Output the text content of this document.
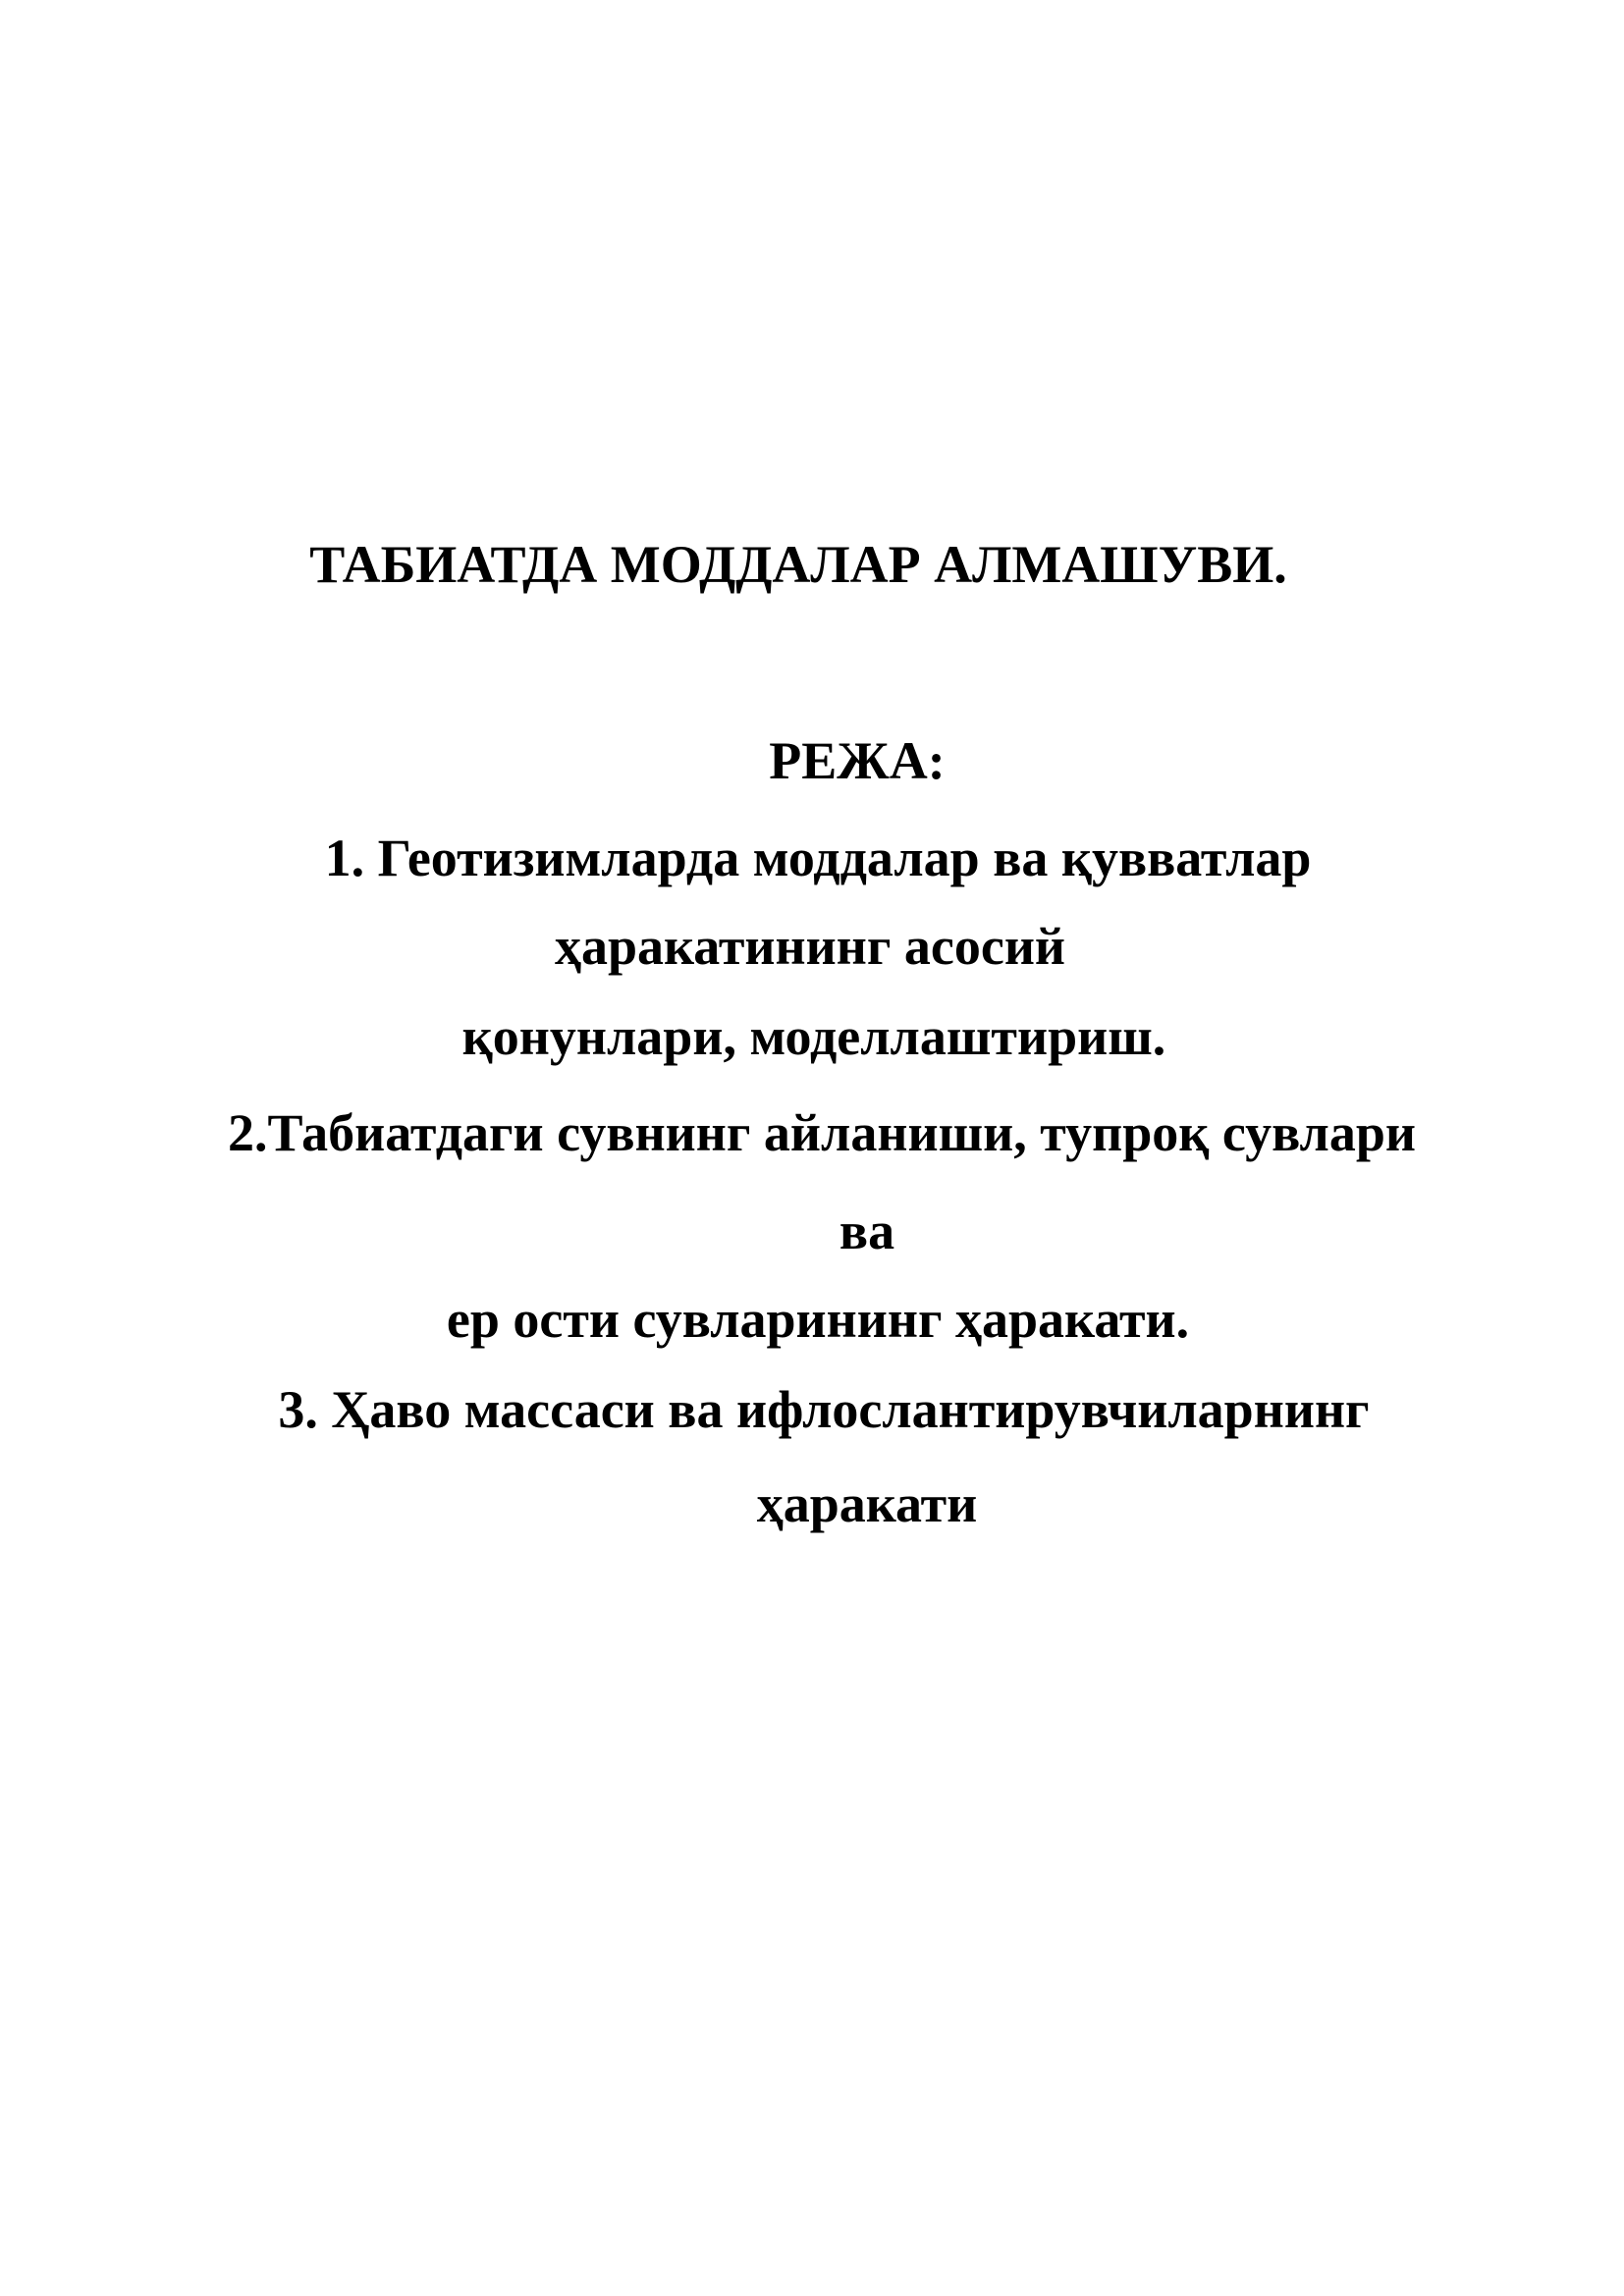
ТАБИАТДА МОДДАЛАР АЛМАШУВИ.
РЕЖА:
1. Геотизимларда моддалар ва қувватлар
ҳаракатининг асосий
қонунлари, моделлаштириш.
2.Табиатдаги сувнинг айланиши, тупроқ сувлари
ва
ер ости сувларининг ҳаракати.
3. Ҳаво массаси ва ифлослантирувчиларнинг
ҳаракати
